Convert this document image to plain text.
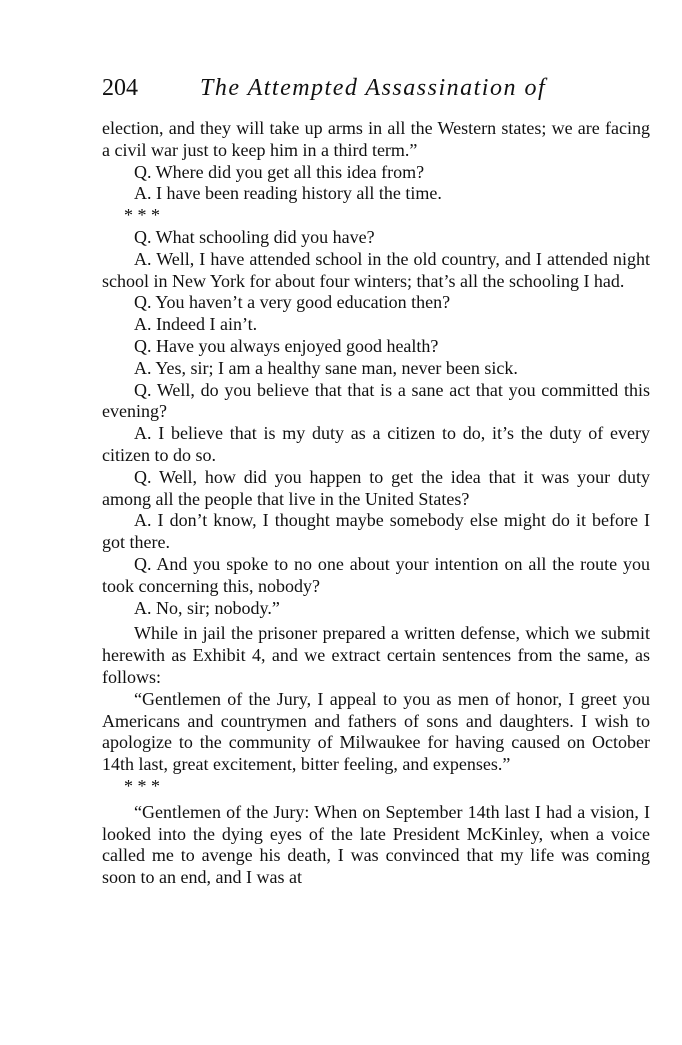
204	The Attempted Assassination of

election, and they will take up arms in all the Western states; we are facing a civil war just to keep him in a third term.”

Q. Where did you get all this idea from?

A. I have been reading history all the time.

* * *

Q. What schooling did you have?

A. Well, I have attended school in the old country, and I attended night school in New York for about four winters; that’s all the schooling I had.

Q. You haven’t a very good education then?

A. Indeed I ain’t.

Q. Have you always enjoyed good health?

A. Yes, sir; I am a healthy sane man, never been sick.

Q. Well, do you believe that that is a sane act that you committed this evening?

A. I believe that is my duty as a citizen to do, it’s the duty of every citizen to do so.

Q. Well, how did you happen to get the idea that it was your duty among all the people that live in the United States?

A. I don’t know, I thought maybe somebody else might do it before I got there.

Q. And you spoke to no one about your intention on all the route you took concerning this, nobody?

A. No, sir; nobody.”

While in jail the prisoner prepared a written defense, which we submit herewith as Exhibit 4, and we extract certain sentences from the same, as follows:

“Gentlemen of the Jury, I appeal to you as men of honor, I greet you Americans and countrymen and fathers of sons and daughters. I wish to apologize to the community of Milwaukee for having caused on October 14th last, great excitement, bitter feeling, and expenses.”

* * *

“Gentlemen of the Jury: When on September 14th last I had a vision, I looked into the dying eyes of the late President McKinley, when a voice called me to avenge his death, I was convinced that my life was coming soon to an end, and I was at
